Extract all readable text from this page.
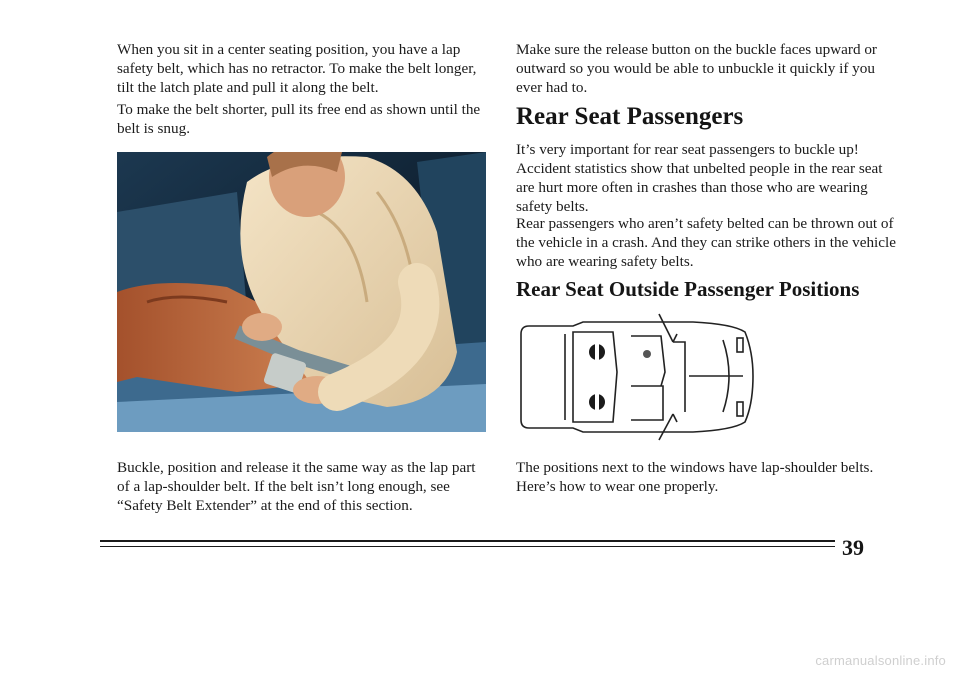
When you sit in a center seating position, you have a lap safety belt, which has no retractor. To make the belt longer, tilt the latch plate and pull it along the belt.

To make the belt shorter, pull its free end as shown until the belt is snug.

Buckle, position and release it the same way as the lap part of a lap-shoulder belt. If the belt isn’t long enough, see “Safety Belt Extender” at the end of this section.

Make sure the release button on the buckle faces upward or outward so you would be able to unbuckle it quickly if you ever had to.

Rear Seat Passengers

It’s very important for rear seat passengers to buckle up! Accident statistics show that unbelted people in the rear seat are hurt more often in crashes than those who are wearing safety belts.

Rear passengers who aren’t safety belted can be thrown out of the vehicle in a crash. And they can strike others in the vehicle who are wearing safety belts.

Rear Seat Outside Passenger Positions

The positions next to the windows have lap-shoulder belts. Here’s how to wear one properly.

39
carmanualsonline.info
